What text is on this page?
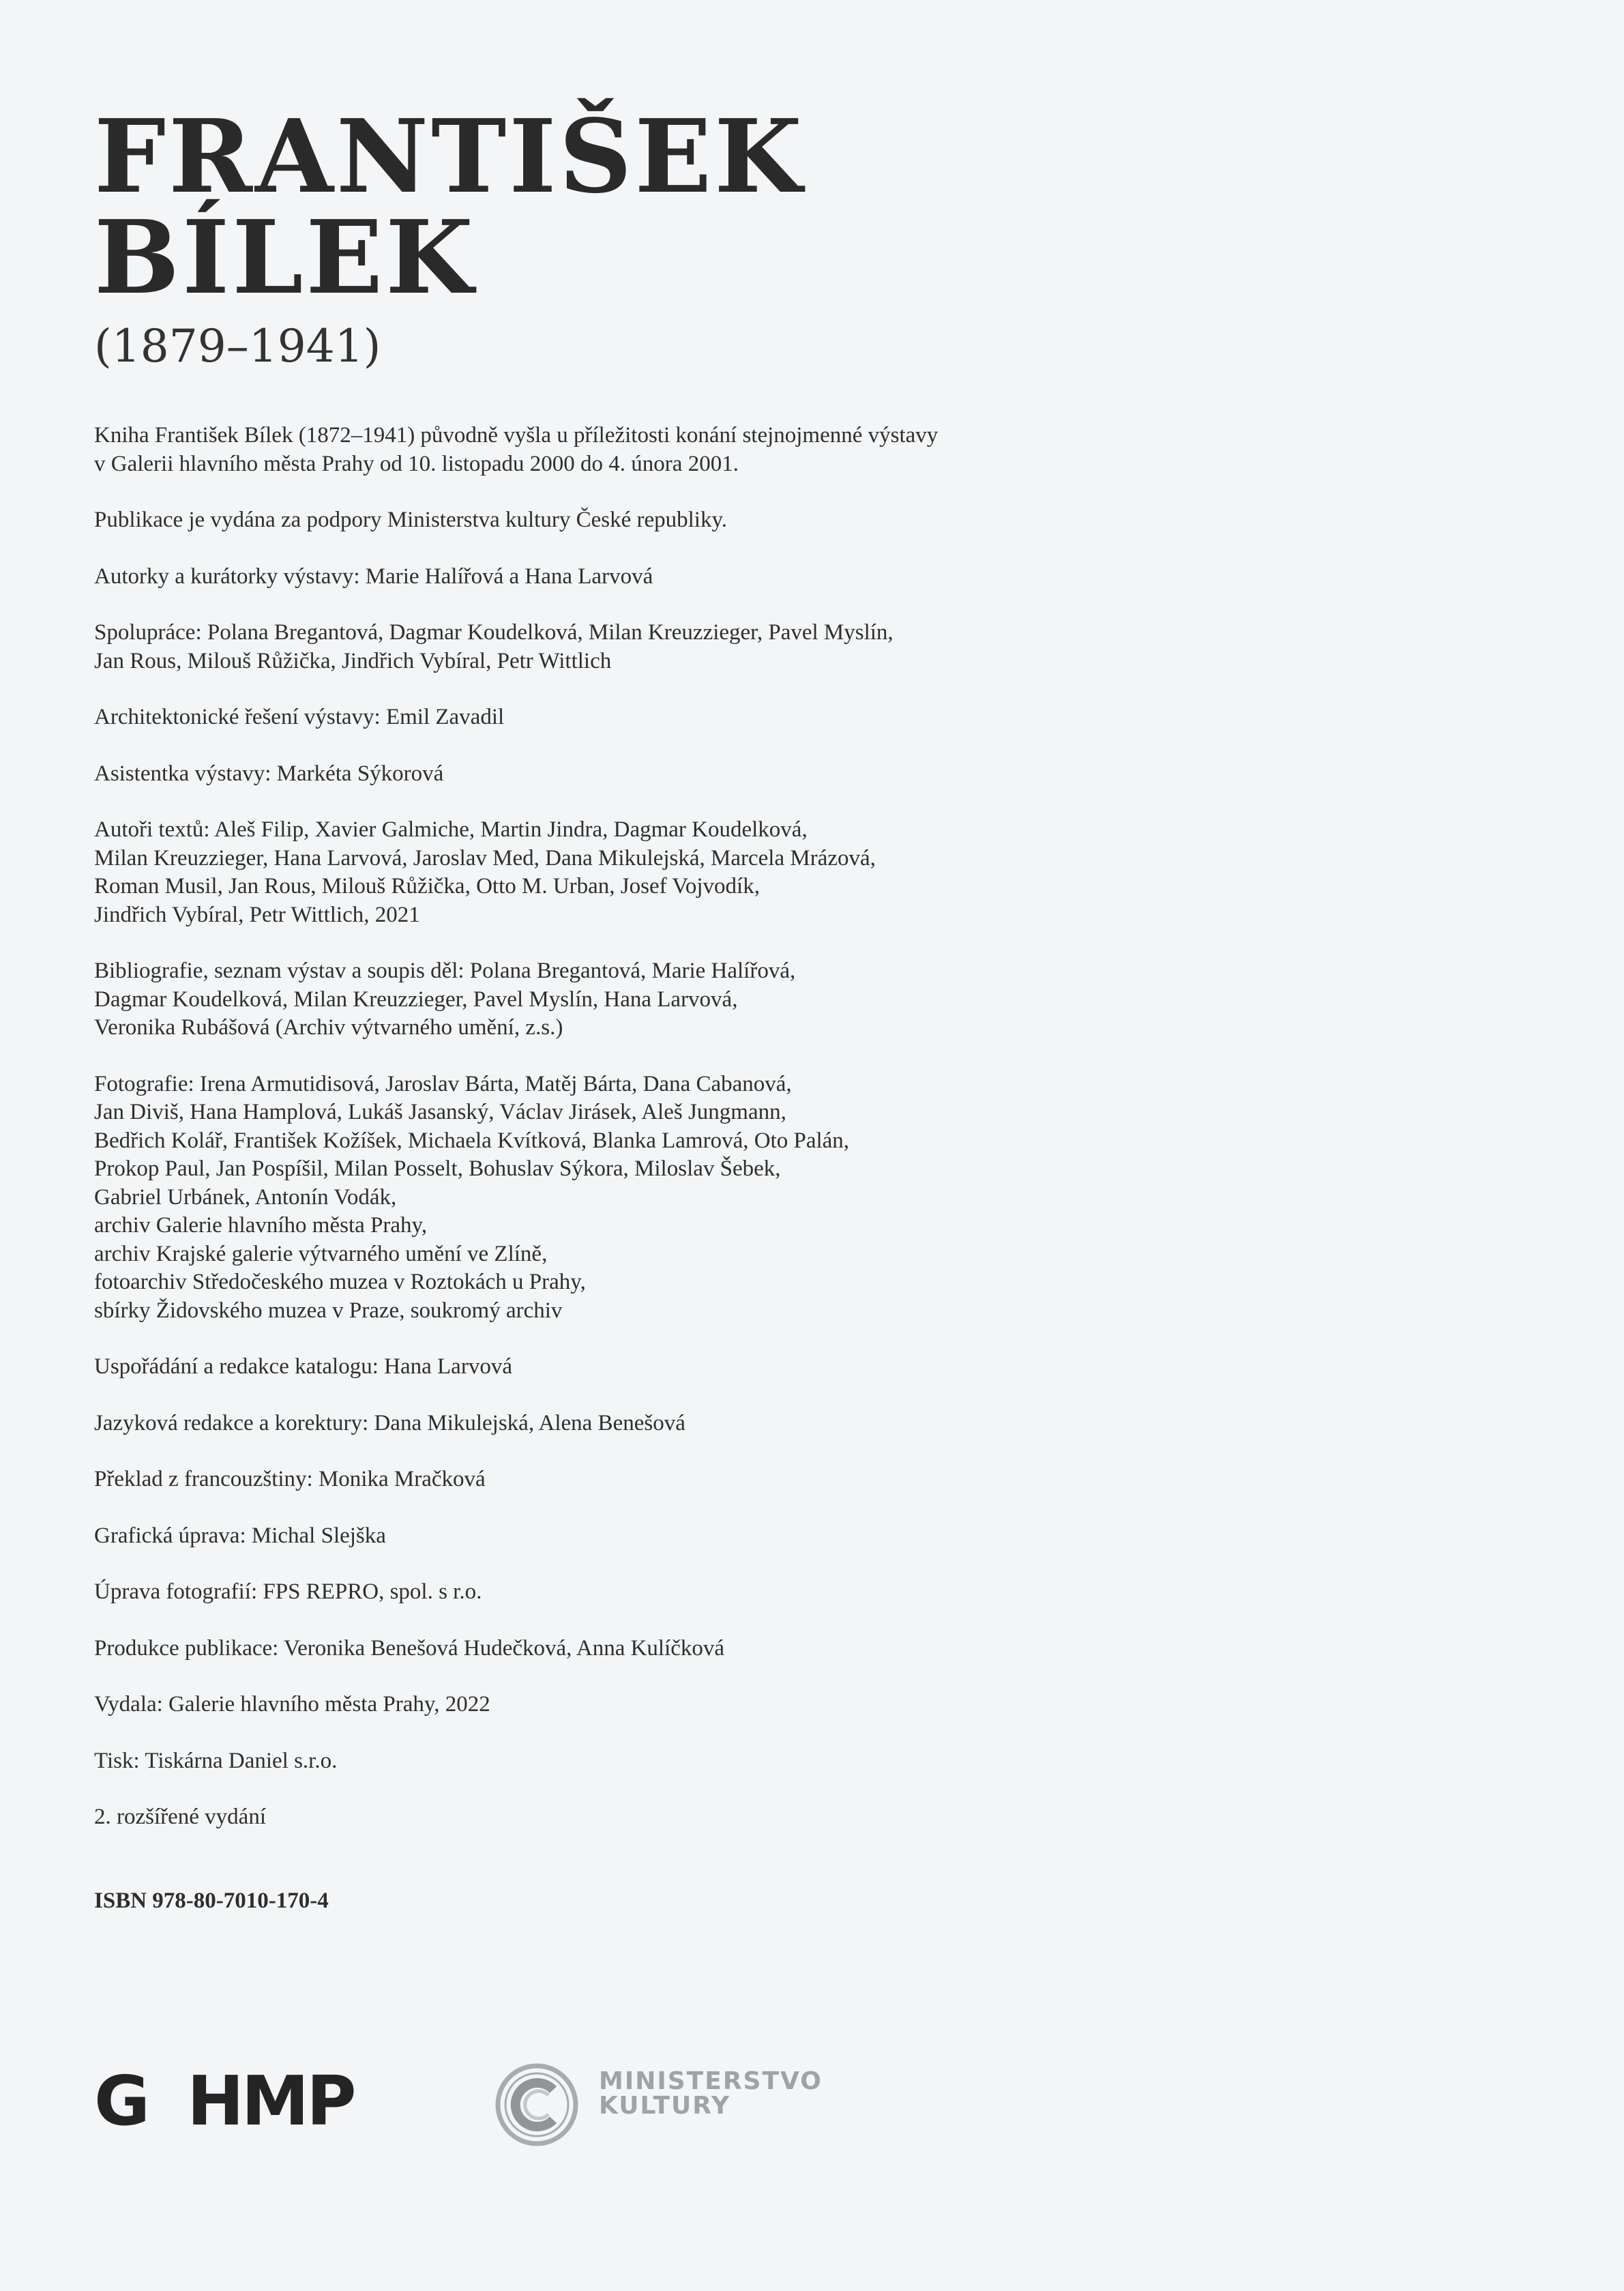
FRANTIŠEK
BÍLEK
(1879–1941)

Kniha František Bílek (1872–1941) původně vyšla u příležitosti konání stejnojmenné výstavy
v Galerii hlavního města Prahy od 10. listopadu 2000 do 4. února 2001.

Publikace je vydána za podpory Ministerstva kultury České republiky.

Autorky a kurátorky výstavy: Marie Halířová a Hana Larvová

Spolupráce: Polana Bregantová, Dagmar Koudelková, Milan Kreuzzieger, Pavel Myslín,
Jan Rous, Milouš Růžička, Jindřich Vybíral, Petr Wittlich

Architektonické řešení výstavy: Emil Zavadil

Asistentka výstavy: Markéta Sýkorová

Autoři textů: Aleš Filip, Xavier Galmiche, Martin Jindra, Dagmar Koudelková,
Milan Kreuzzieger, Hana Larvová, Jaroslav Med, Dana Mikulejská, Marcela Mrázová,
Roman Musil, Jan Rous, Milouš Růžička, Otto M. Urban, Josef Vojvodík,
Jindřich Vybíral, Petr Wittlich, 2021

Bibliografie, seznam výstav a soupis děl: Polana Bregantová, Marie Halířová,
Dagmar Koudelková, Milan Kreuzzieger, Pavel Myslín, Hana Larvová,
Veronika Rubášová (Archiv výtvarného umění, z.s.)

Fotografie: Irena Armutidisová, Jaroslav Bárta, Matěj Bárta, Dana Cabanová,
Jan Diviš, Hana Hamplová, Lukáš Jasanský, Václav Jirásek, Aleš Jungmann,
Bedřich Kolář, František Kožíšek, Michaela Kvítková, Blanka Lamrová, Oto Palán,
Prokop Paul, Jan Pospíšil, Milan Posselt, Bohuslav Sýkora, Miloslav Šebek,
Gabriel Urbánek, Antonín Vodák,
archiv Galerie hlavního města Prahy,
archiv Krajské galerie výtvarného umění ve Zlíně,
fotoarchiv Středočeského muzea v Roztokách u Prahy,
sbírky Židovského muzea v Praze, soukromý archiv

Uspořádání a redakce katalogu: Hana Larvová

Jazyková redakce a korektury: Dana Mikulejská, Alena Benešová

Překlad z francouzštiny: Monika Mračková

Grafická úprava: Michal Slejška

Úprava fotografií: FPS REPRO, spol. s r.o.

Produkce publikace: Veronika Benešová Hudečková, Anna Kulíčková

Vydala: Galerie hlavního města Prahy, 2022

Tisk: Tiskárna Daniel s.r.o.

2. rozšířené vydání

ISBN 978-80-7010-170-4

G HMP	MINISTERSTVO
KULTURY
